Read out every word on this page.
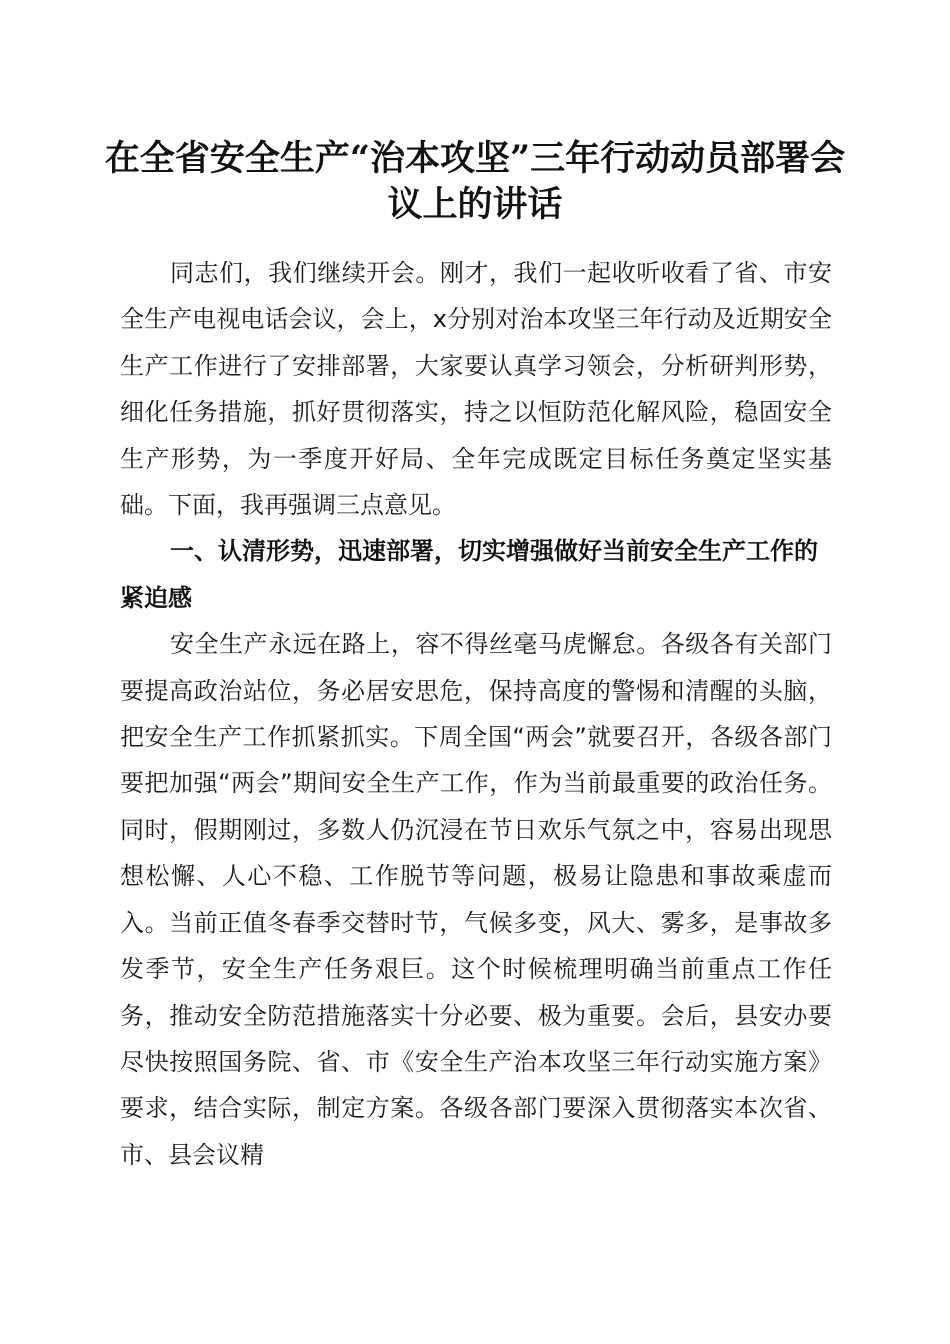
在全省安全生产“治本攻坚”三年行动动员部署会议上的讲话

同志们，我们继续开会。刚才，我们一起收听收看了省、市安全生产电视电话会议，会上，x分别对治本攻坚三年行动及近期安全生产工作进行了安排部署，大家要认真学习领会，分析研判形势，细化任务措施，抓好贯彻落实，持之以恒防范化解风险，稳固安全生产形势，为一季度开好局、全年完成既定目标任务奠定坚实基础。下面，我再强调三点意见。

一、认清形势，迅速部署，切实增强做好当前安全生产工作的紧迫感

安全生产永远在路上，容不得丝毫马虎懈怠。各级各有关部门要提高政治站位，务必居安思危，保持高度的警惕和清醒的头脑，把安全生产工作抓紧抓实。下周全国“两会”就要召开，各级各部门要把加强“两会”期间安全生产工作，作为当前最重要的政治任务。同时，假期刚过，多数人仍沉浸在节日欢乐气氛之中，容易出现思想松懈、人心不稳、工作脱节等问题，极易让隐患和事故乘虚而入。当前正值冬春季交替时节，气候多变，风大、雾多，是事故多发季节，安全生产任务艰巨。这个时候梳理明确当前重点工作任务，推动安全防范措施落实十分必要、极为重要。会后，县安办要尽快按照国务院、省、市《安全生产治本攻坚三年行动实施方案》要求，结合实际，制定方案。各级各部门要深入贯彻落实本次省、市、县会议精
